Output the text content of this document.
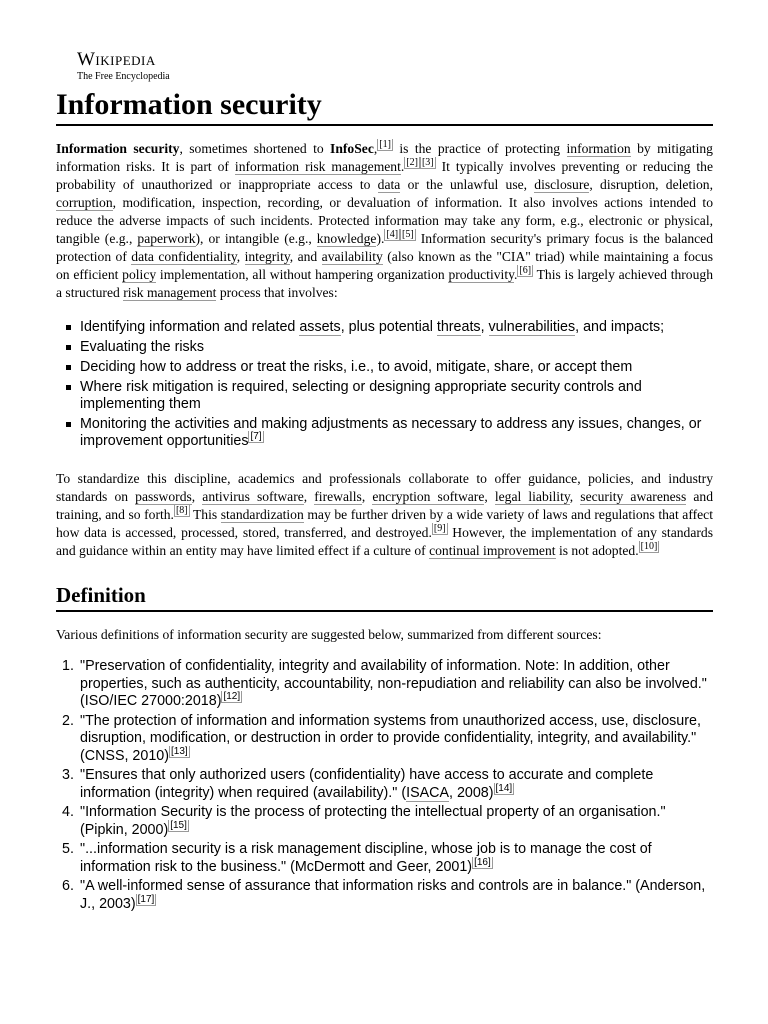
Wikipedia
The Free Encyclopedia
Information security

Information security, sometimes shortened to InfoSec, [1] is the practice of protecting information by mitigating information risks. It is part of information risk management. [2] [3] It typically involves preventing or reducing the probability of unauthorized or inappropriate access to data or the unlawful use, disclosure, disruption, deletion, corruption, modification, inspection, recording, or devaluation of information. It also involves actions intended to reduce the adverse impacts of such incidents. Protected information may take any form, e.g., electronic or physical, tangible (e.g., paperwork), or intangible (e.g., knowledge). [4] [5] Information security's primary focus is the balanced protection of data confidentiality, integrity, and availability (also known as the "CIA" triad) while maintaining a focus on efficient policy implementation, all without hampering organization productivity. [6] This is largely achieved through a structured risk management process that involves:

Identifying information and related assets, plus potential threats, vulnerabilities, and impacts;
Evaluating the risks
Deciding how to address or treat the risks, i.e., to avoid, mitigate, share, or accept them
Where risk mitigation is required, selecting or designing appropriate security controls and implementing them
Monitoring the activities and making adjustments as necessary to address any issues, changes, or improvement opportunities [7]

To standardize this discipline, academics and professionals collaborate to offer guidance, policies, and industry standards on passwords, antivirus software, firewalls, encryption software, legal liability, security awareness and training, and so forth. [8] This standardization may be further driven by a wide variety of laws and regulations that affect how data is accessed, processed, stored, transferred, and destroyed. [9] However, the implementation of any standards and guidance within an entity may have limited effect if a culture of continual improvement is not adopted. [10]

Definition

Various definitions of information security are suggested below, summarized from different sources:

1. "Preservation of confidentiality, integrity and availability of information. Note: In addition, other properties, such as authenticity, accountability, non-repudiation and reliability can also be involved." (ISO/IEC 27000:2018) [12]
2. "The protection of information and information systems from unauthorized access, use, disclosure, disruption, modification, or destruction in order to provide confidentiality, integrity, and availability." (CNSS, 2010) [13]
3. "Ensures that only authorized users (confidentiality) have access to accurate and complete information (integrity) when required (availability)." (ISACA, 2008) [14]
4. "Information Security is the process of protecting the intellectual property of an organisation." (Pipkin, 2000) [15]
5. "...information security is a risk management discipline, whose job is to manage the cost of information risk to the business." (McDermott and Geer, 2001) [16]
6. "A well-informed sense of assurance that information risks and controls are in balance." (Anderson, J., 2003) [17]
